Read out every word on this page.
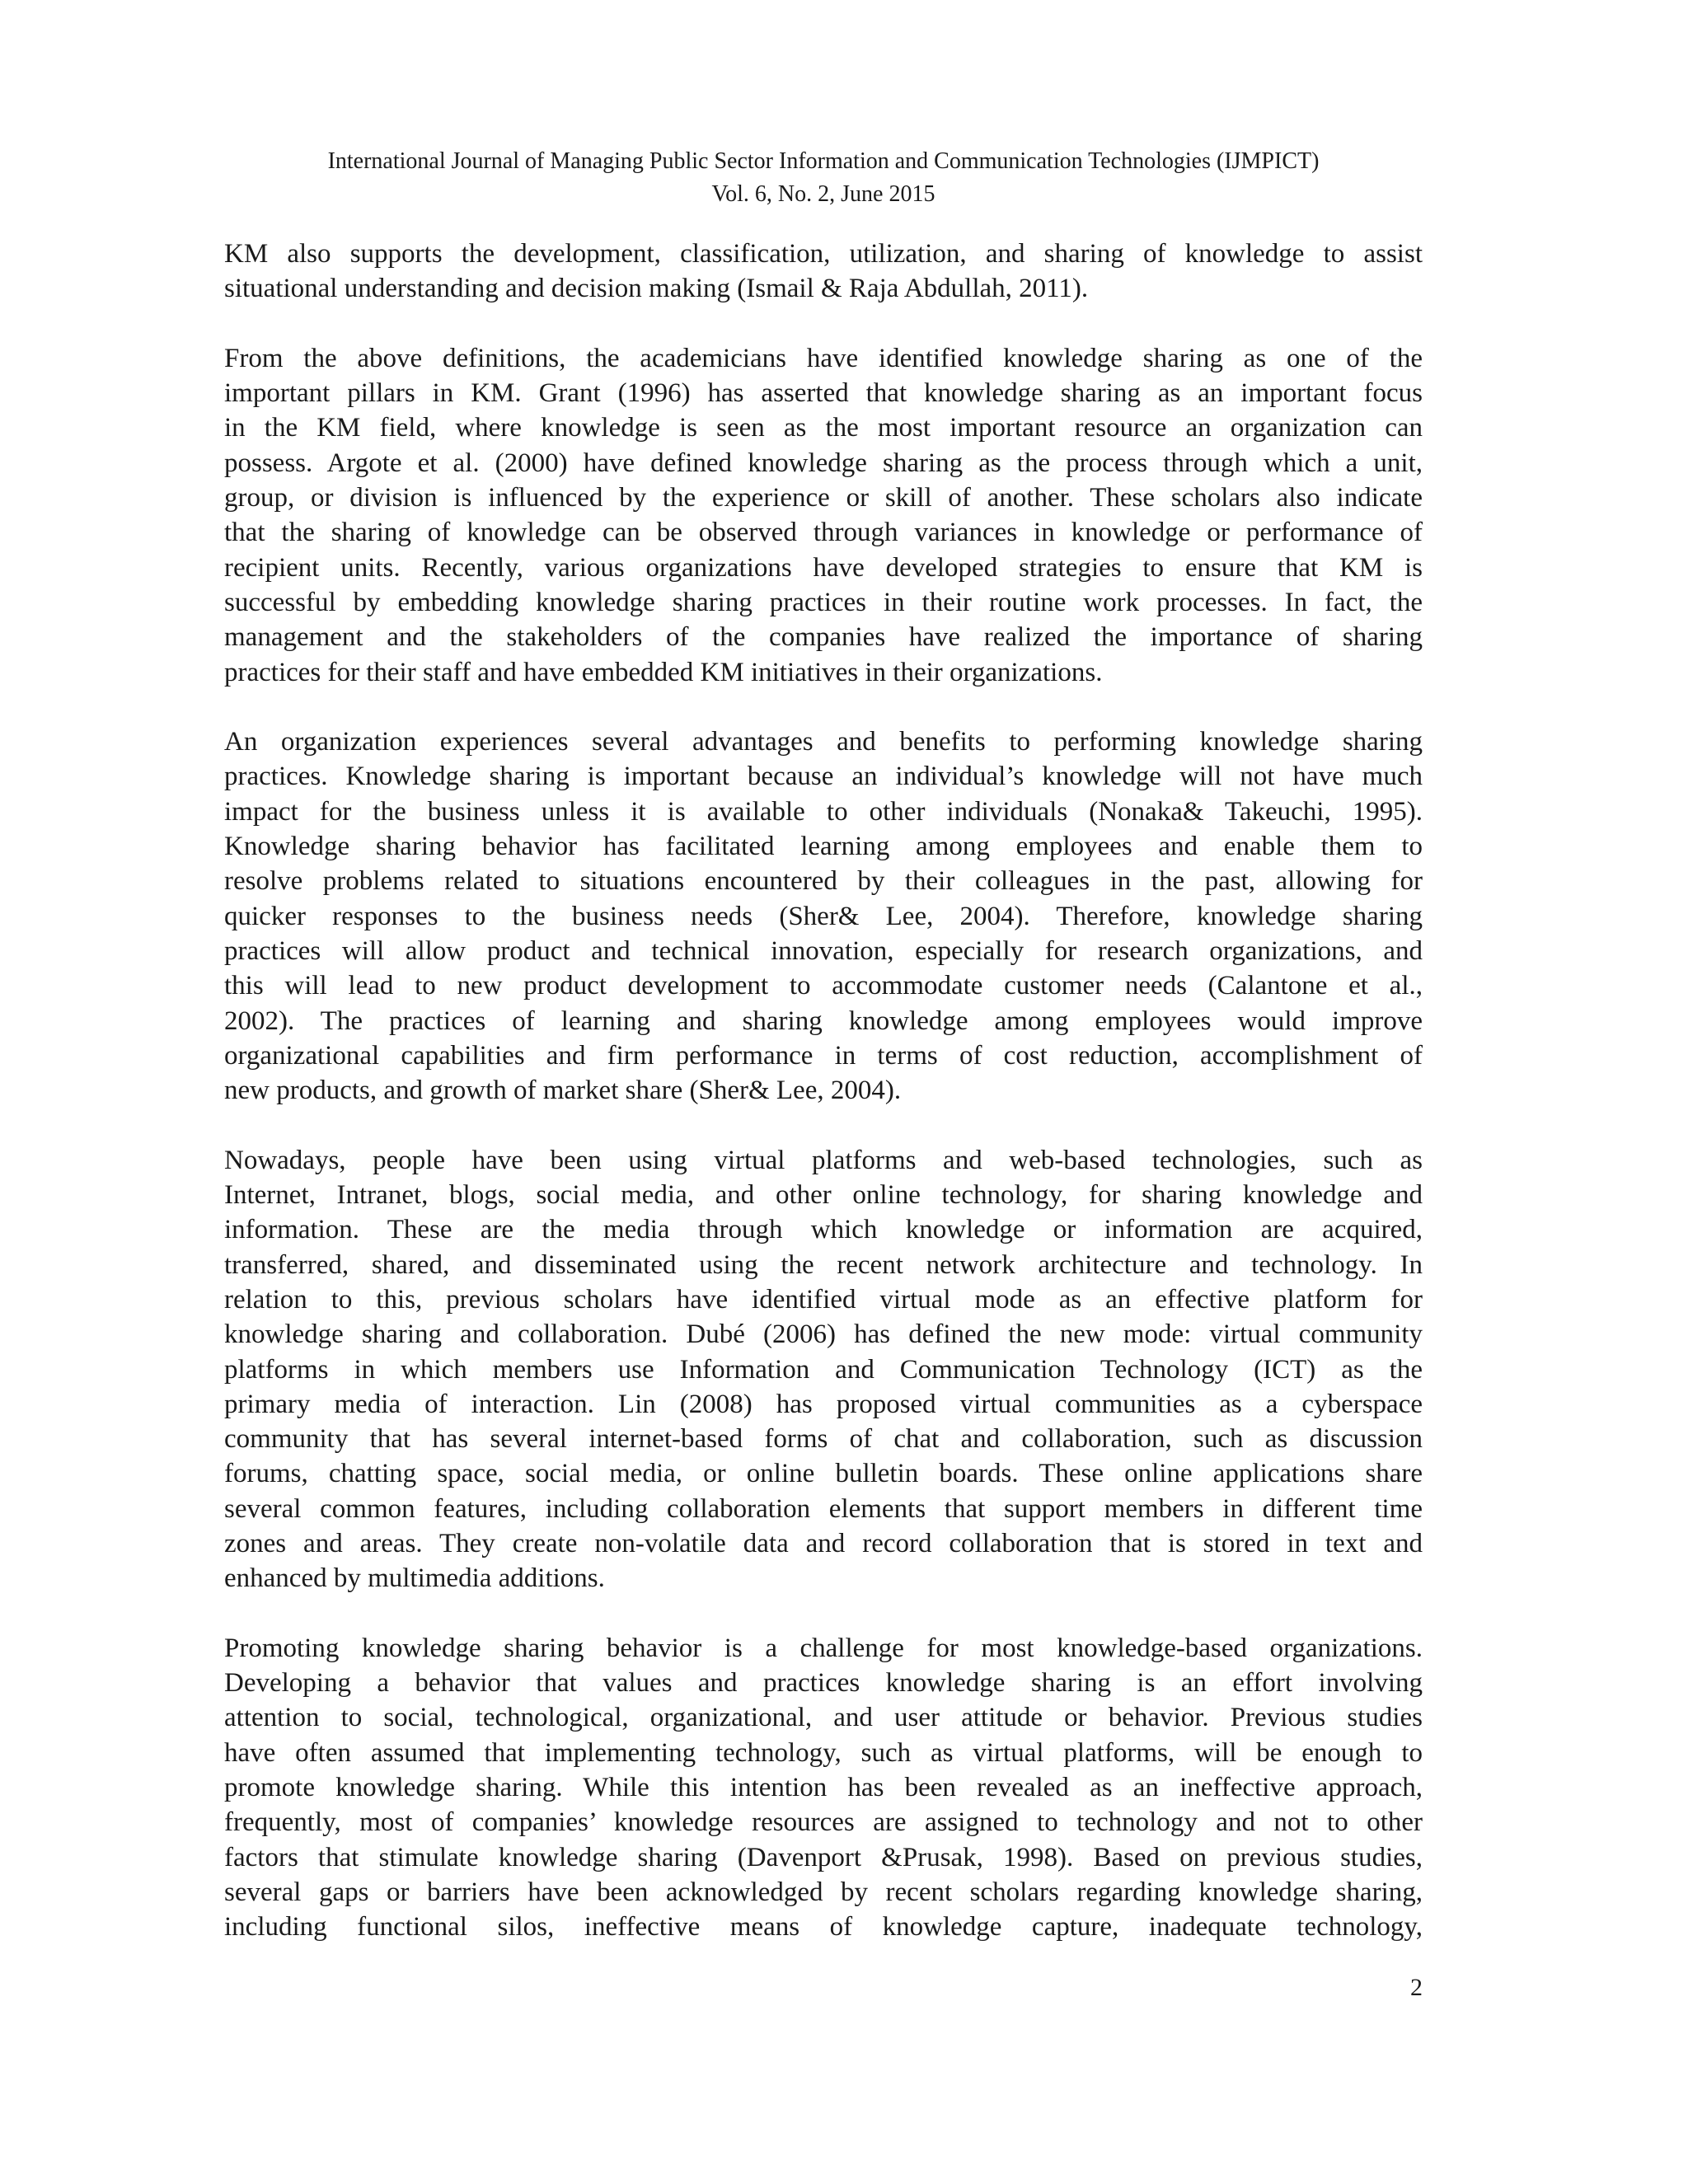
International Journal of Managing Public Sector Information and Communication Technologies (IJMPICT)
Vol. 6, No. 2, June 2015
KM also supports the development, classification, utilization, and sharing of knowledge to assist
situational understanding and decision making (Ismail & Raja Abdullah, 2011).
From the above definitions, the academicians have identified knowledge sharing as one of the
important pillars in KM. Grant (1996) has asserted that knowledge sharing as an important focus
in the KM field, where knowledge is seen as the most important resource an organization can
possess. Argote et al. (2000) have defined knowledge sharing as the process through which a unit,
group, or division is influenced by the experience or skill of another. These scholars also indicate
that the sharing of knowledge can be observed through variances in knowledge or performance of
recipient units. Recently, various organizations have developed strategies to ensure that KM is
successful by embedding knowledge sharing practices in their routine work processes. In fact, the
management and the stakeholders of the companies have realized the importance of sharing
practices for their staff and have embedded KM initiatives in their organizations.
An organization experiences several advantages and benefits to performing knowledge sharing
practices. Knowledge sharing is important because an individual’s knowledge will not have much
impact for the business unless it is available to other individuals (Nonaka& Takeuchi, 1995).
Knowledge sharing behavior has facilitated learning among employees and enable them to
resolve problems related to situations encountered by their colleagues in the past, allowing for
quicker responses to the business needs (Sher& Lee, 2004). Therefore, knowledge sharing
practices will allow product and technical innovation, especially for research organizations, and
this will lead to new product development to accommodate customer needs (Calantone et al.,
2002). The practices of learning and sharing knowledge among employees would improve
organizational capabilities and firm performance in terms of cost reduction, accomplishment of
new products, and growth of market share (Sher& Lee, 2004).
Nowadays, people have been using virtual platforms and web-based technologies, such as
Internet, Intranet, blogs, social media, and other online technology, for sharing knowledge and
information. These are the media through which knowledge or information are acquired,
transferred, shared, and disseminated using the recent network architecture and technology. In
relation to this, previous scholars have identified virtual mode as an effective platform for
knowledge sharing and collaboration. Dubé (2006) has defined the new mode: virtual community
platforms in which members use Information and Communication Technology (ICT) as the
primary media of interaction. Lin (2008) has proposed virtual communities as a cyberspace
community that has several internet-based forms of chat and collaboration, such as discussion
forums, chatting space, social media, or online bulletin boards. These online applications share
several common features, including collaboration elements that support members in different time
zones and areas. They create non-volatile data and record collaboration that is stored in text and
enhanced by multimedia additions.
Promoting knowledge sharing behavior is a challenge for most knowledge-based organizations.
Developing a behavior that values and practices knowledge sharing is an effort involving
attention to social, technological, organizational, and user attitude or behavior. Previous studies
have often assumed that implementing technology, such as virtual platforms, will be enough to
promote knowledge sharing. While this intention has been revealed as an ineffective approach,
frequently, most of companies’ knowledge resources are assigned to technology and not to other
factors that stimulate knowledge sharing (Davenport &Prusak, 1998). Based on previous studies,
several gaps or barriers have been acknowledged by recent scholars regarding knowledge sharing,
including functional silos, ineffective means of knowledge capture, inadequate technology,
2
